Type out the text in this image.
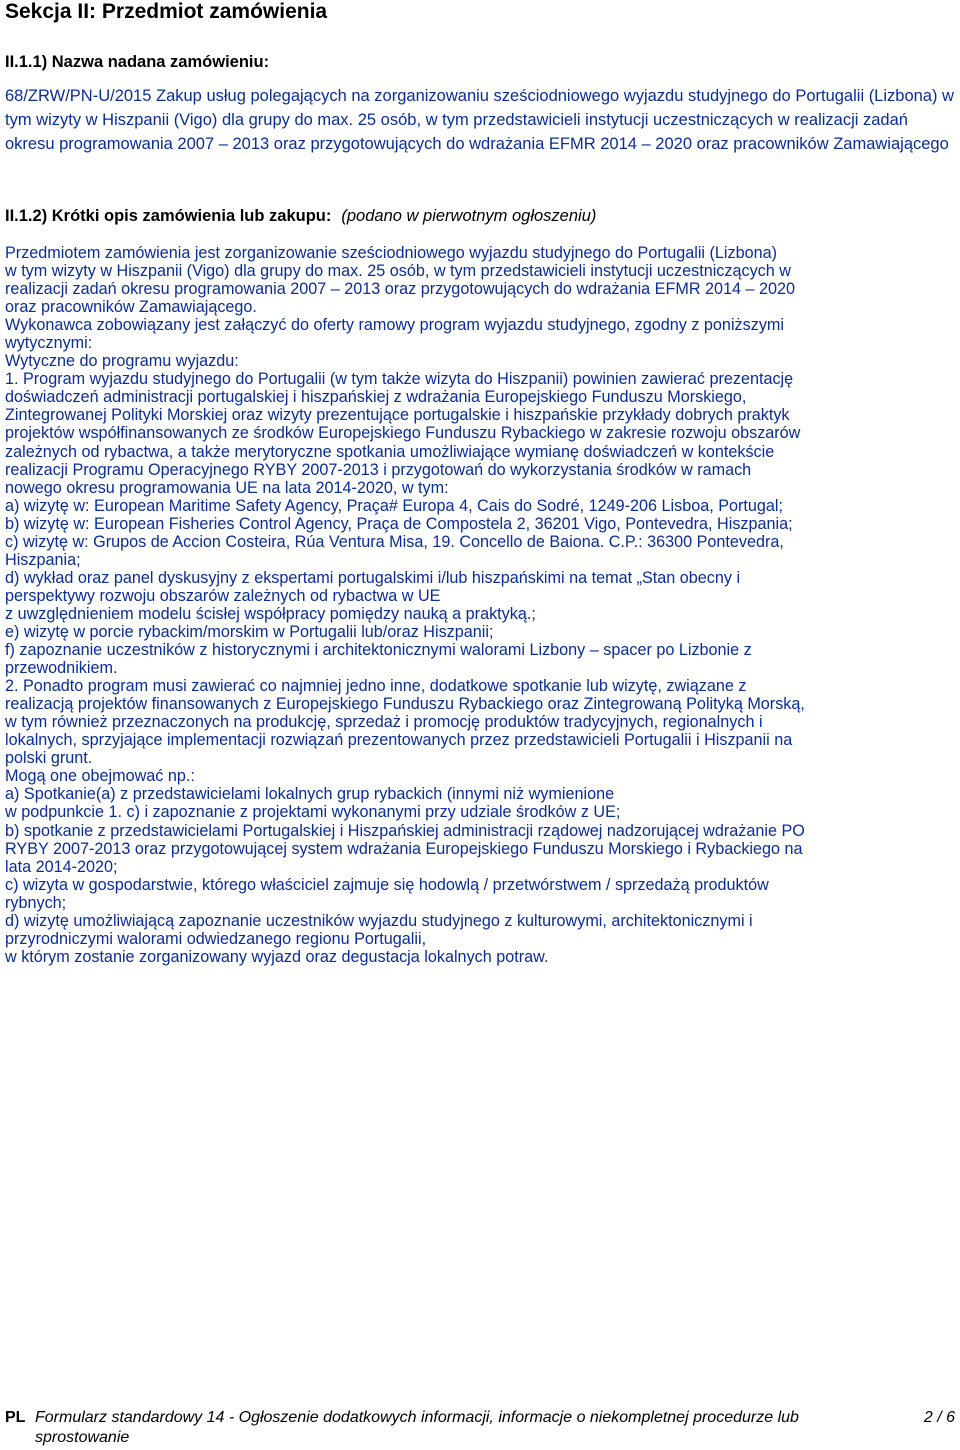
Sekcja II: Przedmiot zamówienia
II.1.1) Nazwa nadana zamówieniu:

68/ZRW/PN-U/2015 Zakup usług polegających na zorganizowaniu sześciodniowego wyjazdu studyjnego do Portugalii (Lizbona) w tym wizyty w Hiszpanii (Vigo) dla grupy do max. 25 osób, w tym przedstawicieli instytucji uczestniczących w realizacji zadań okresu programowania 2007 – 2013 oraz przygotowujących do wdrażania EFMR 2014 – 2020 oraz pracowników Zamawiającego

II.1.2) Krótki opis zamówienia lub zakupu: (podano w pierwotnym ogłoszeniu)
Przedmiotem zamówienia jest zorganizowanie sześciodniowego wyjazdu studyjnego do Portugalii (Lizbona)
w tym wizyty w Hiszpanii (Vigo) dla grupy do max. 25 osób, w tym przedstawicieli instytucji uczestniczących w
realizacji zadań okresu programowania 2007 – 2013 oraz przygotowujących do wdrażania EFMR 2014 – 2020
oraz pracowników Zamawiającego.
Wykonawca zobowiązany jest załączyć do oferty ramowy program wyjazdu studyjnego, zgodny z poniższymi
wytycznymi:
Wytyczne do programu wyjazdu:
1. Program wyjazdu studyjnego do Portugalii (w tym także wizyta do Hiszpanii) powinien zawierać prezentację
doświadczeń administracji portugalskiej i hiszpańskiej z wdrażania Europejskiego Funduszu Morskiego,
Zintegrowanej Polityki Morskiej oraz wizyty prezentujące portugalskie i hiszpańskie przykłady dobrych praktyk
projektów współfinansowanych ze środków Europejskiego Funduszu Rybackiego w zakresie rozwoju obszarów
zależnych od rybactwa, a także merytoryczne spotkania umożliwiające wymianę doświadczeń w kontekście
realizacji Programu Operacyjnego RYBY 2007-2013 i przygotowań do wykorzystania środków w ramach
nowego okresu programowania UE na lata 2014-2020, w tym:
a) wizytę w: European Maritime Safety Agency, Praça# Europa 4, Cais do Sodré, 1249-206 Lisboa, Portugal;
b) wizytę w: European Fisheries Control Agency, Praça de Compostela 2, 36201 Vigo, Pontevedra, Hiszpania;
c) wizytę w: Grupos de Accion Costeira, Rúa Ventura Misa, 19. Concello de Baiona. C.P.: 36300 Pontevedra,
Hiszpania;
d) wykład oraz panel dyskusyjny z ekspertami portugalskimi i/lub hiszpańskimi na temat „Stan obecny i
perspektywy rozwoju obszarów zależnych od rybactwa w UE
z uwzględnieniem modelu ścisłej współpracy pomiędzy nauką a praktyką.;
e) wizytę w porcie rybackim/morskim w Portugalii lub/oraz Hiszpanii;
f) zapoznanie uczestników z historycznymi i architektonicznymi walorami Lizbony – spacer po Lizbonie z
przewodnikiem.
2. Ponadto program musi zawierać co najmniej jedno inne, dodatkowe spotkanie lub wizytę, związane z
realizacją projektów finansowanych z Europejskiego Funduszu Rybackiego oraz Zintegrowaną Polityką Morską,
w tym również przeznaczonych na produkcję, sprzedaż i promocję produktów tradycyjnych, regionalnych i
lokalnych, sprzyjające implementacji rozwiązań prezentowanych przez przedstawicieli Portugalii i Hiszpanii na
polski grunt.
Mogą one obejmować np.:
a) Spotkanie(a) z przedstawicielami lokalnych grup rybackich (innymi niż wymienione
w podpunkcie 1. c) i zapoznanie z projektami wykonanymi przy udziale środków z UE;
b) spotkanie z przedstawicielami Portugalskiej i Hiszpańskiej administracji rządowej nadzorującej wdrażanie PO
RYBY 2007-2013 oraz przygotowującej system wdrażania Europejskiego Funduszu Morskiego i Rybackiego na
lata 2014-2020;
c) wizyta w gospodarstwie, którego właściciel zajmuje się hodowlą / przetwórstwem / sprzedażą produktów
rybnych;
d) wizytę umożliwiającą zapoznanie uczestników wyjazdu studyjnego z kulturowymi, architektonicznymi i
przyrodniczymi walorami odwiedzanego regionu Portugalii,
w którym zostanie zorganizowany wyjazd oraz degustacja lokalnych potraw.
PL Formularz standardowy 14 - Ogłoszenie dodatkowych informacji, informacje o niekompletnej procedurze lub sprostowanie
2 / 6
